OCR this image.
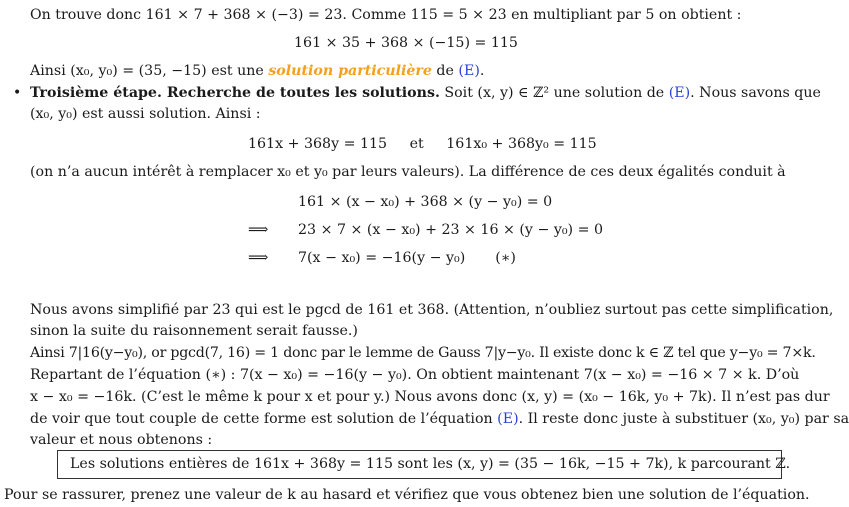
On trouve donc 161 × 7 + 368 × (−3) = 23. Comme 115 = 5 × 23 en multipliant par 5 on obtient :
161 × 35 + 368 × (−15) = 115
Ainsi (x₀, y₀) = (35, −15) est une solution particulière de (E).
• Troisième étape. Recherche de toutes les solutions. Soit (x, y) ∈ ℤ² une solution de (E). Nous savons que
(x₀, y₀) est aussi solution. Ainsi :
161x + 368y = 115     et     161x₀ + 368y₀ = 115
(on n’a aucun intérêt à remplacer x₀ et y₀ par leurs valeurs). La différence de ces deux égalités conduit à
161 × (x − x₀) + 368 × (y − y₀) = 0
⟹ 23 × 7 × (x − x₀) + 23 × 16 × (y − y₀) = 0
⟹ 7(x − x₀) = −16(y − y₀) (∗)
Nous avons simplifié par 23 qui est le pgcd de 161 et 368. (Attention, n’oubliez surtout pas cette simplification,
sinon la suite du raisonnement serait fausse.)
Ainsi 7|16(y−y₀), or pgcd(7, 16) = 1 donc par le lemme de Gauss 7|y−y₀. Il existe donc k ∈ ℤ tel que y−y₀ = 7×k.
Repartant de l’équation (∗) : 7(x − x₀) = −16(y − y₀). On obtient maintenant 7(x − x₀) = −16 × 7 × k. D’où
x − x₀ = −16k. (C’est le même k pour x et pour y.) Nous avons donc (x, y) = (x₀ − 16k, y₀ + 7k). Il n’est pas dur
de voir que tout couple de cette forme est solution de l’équation (E). Il reste donc juste à substituer (x₀, y₀) par sa
valeur et nous obtenons :
Les solutions entières de 161x + 368y = 115 sont les (x, y) = (35 − 16k, −15 + 7k), k parcourant ℤ.
Pour se rassurer, prenez une valeur de k au hasard et vérifiez que vous obtenez bien une solution de l’équation.
